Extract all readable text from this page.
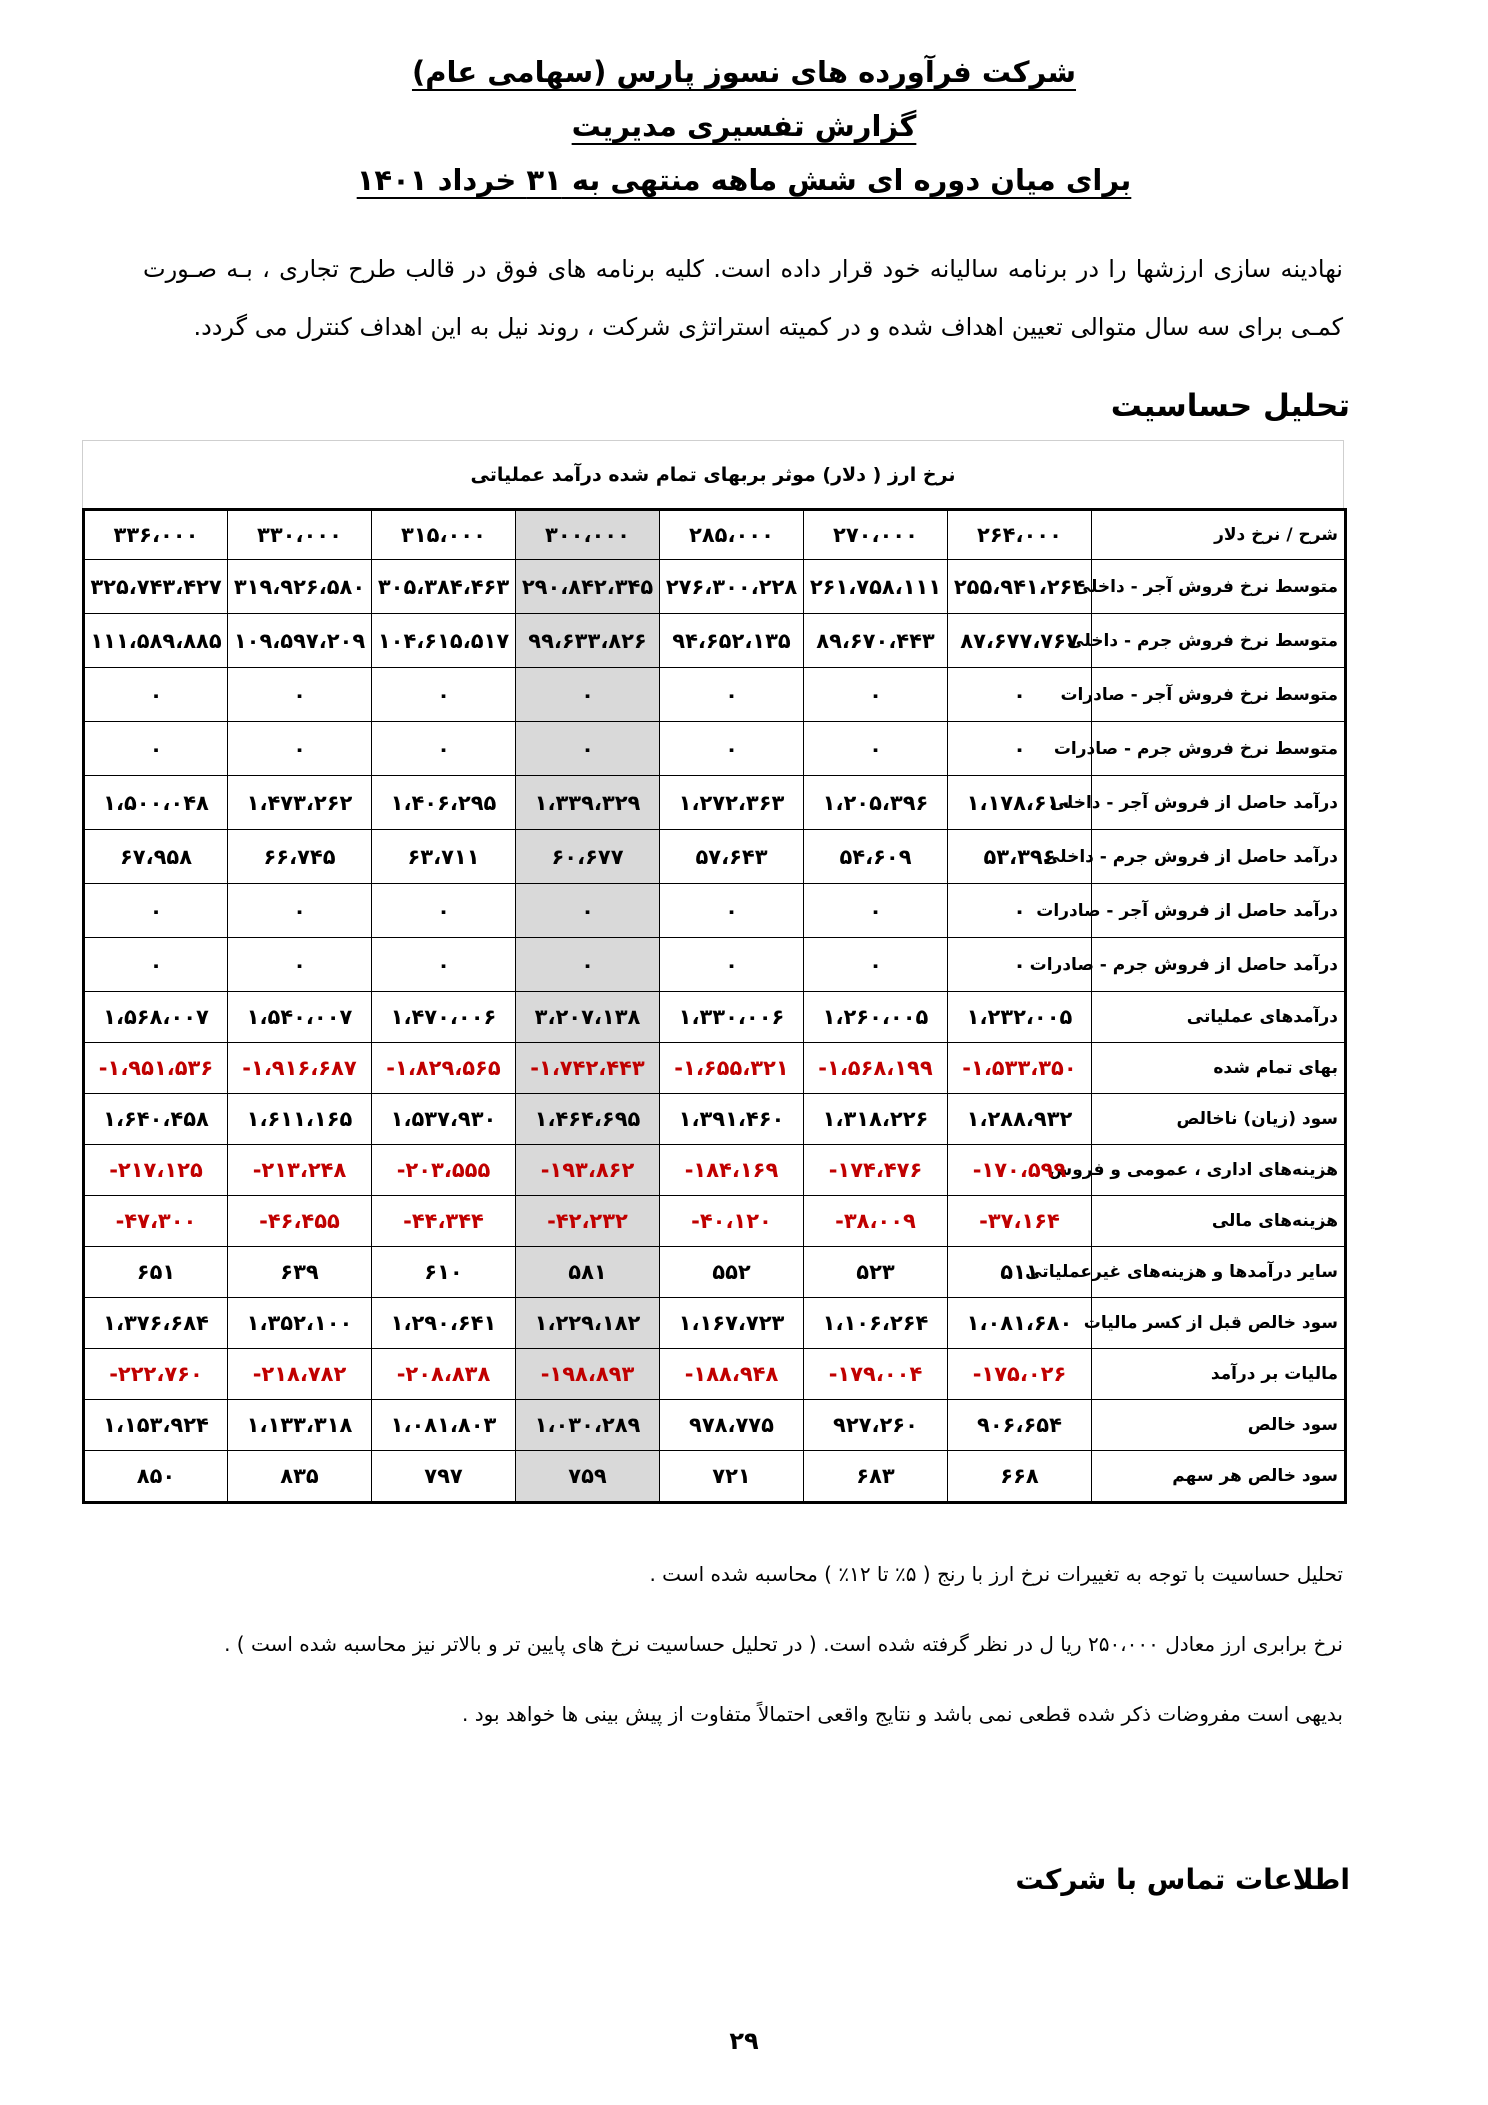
شرکت فرآورده های نسوز پارس (سهامی عام)
گزارش تفسیری مدیریت
برای میان دوره ای شش ماهه منتهی به ۳۱ خرداد ۱۴۰۱
نهادینه سازی ارزشها را در برنامه سالیانه خود قرار داده است. کلیه برنامه های فوق در قالب طرح تجاری ، بـه صـورت کمـی برای سه سال متوالی تعیین اهداف شده و در کمیته استراتژی شرکت ، روند نیل به این اهداف کنترل می گردد.
تحلیل حساسیت
نرخ ارز ( دلار) موثر بربهای تمام شده درآمد عملیاتی
شرح / نرخ دلار	۲۶۴،۰۰۰	۲۷۰،۰۰۰	۲۸۵،۰۰۰	۳۰۰،۰۰۰	۳۱۵،۰۰۰	۳۳۰،۰۰۰	۳۳۶،۰۰۰
متوسط نرخ فروش آجر - داخلی	۲۵۵،۹۴۱،۲۶۴	۲۶۱،۷۵۸،۱۱۱	۲۷۶،۳۰۰،۲۲۸	۲۹۰،۸۴۲،۳۴۵	۳۰۵،۳۸۴،۴۶۳	۳۱۹،۹۲۶،۵۸۰	۳۲۵،۷۴۳،۴۲۷
متوسط نرخ فروش جرم - داخلی	۸۷،۶۷۷،۷۶۷	۸۹،۶۷۰،۴۴۳	۹۴،۶۵۲،۱۳۵	۹۹،۶۳۳،۸۲۶	۱۰۴،۶۱۵،۵۱۷	۱۰۹،۵۹۷،۲۰۹	۱۱۱،۵۸۹،۸۸۵
متوسط نرخ فروش آجر - صادرات	۰	۰	۰	۰	۰	۰	۰
متوسط نرخ فروش جرم - صادرات	۰	۰	۰	۰	۰	۰	۰
درآمد حاصل از فروش آجر - داخلی	۱،۱۷۸،۶۱۰	۱،۲۰۵،۳۹۶	۱،۲۷۲،۳۶۳	۱،۳۳۹،۳۲۹	۱،۴۰۶،۲۹۵	۱،۴۷۳،۲۶۲	۱،۵۰۰،۰۴۸
درآمد حاصل از فروش جرم - داخلی	۵۳،۳۹۶	۵۴،۶۰۹	۵۷،۶۴۳	۶۰،۶۷۷	۶۳،۷۱۱	۶۶،۷۴۵	۶۷،۹۵۸
درآمد حاصل از فروش آجر - صادرات	۰	۰	۰	۰	۰	۰	۰
درآمد حاصل از فروش جرم - صادرات	۰	۰	۰	۰	۰	۰	۰
درآمدهای عملیاتی	۱،۲۳۲،۰۰۵	۱،۲۶۰،۰۰۵	۱،۳۳۰،۰۰۶	۳،۲۰۷،۱۳۸	۱،۴۷۰،۰۰۶	۱،۵۴۰،۰۰۷	۱،۵۶۸،۰۰۷
بهای تمام شده	۱،۵۳۳،۳۵۰-	۱،۵۶۸،۱۹۹-	۱،۶۵۵،۳۲۱-	۱،۷۴۲،۴۴۳-	۱،۸۲۹،۵۶۵-	۱،۹۱۶،۶۸۷-	۱،۹۵۱،۵۳۶-
سود (زیان) ناخالص	۱،۲۸۸،۹۳۲	۱،۳۱۸،۲۲۶	۱،۳۹۱،۴۶۰	۱،۴۶۴،۶۹۵	۱،۵۳۷،۹۳۰	۱،۶۱۱،۱۶۵	۱،۶۴۰،۴۵۸
هزینه‌های اداری ، عمومی و فروش	۱۷۰،۵۹۹-	۱۷۴،۴۷۶-	۱۸۴،۱۶۹-	۱۹۳،۸۶۲-	۲۰۳،۵۵۵-	۲۱۳،۲۴۸-	۲۱۷،۱۲۵-
هزینه‌های مالی	۳۷،۱۶۴-	۳۸،۰۰۹-	۴۰،۱۲۰-	۴۲،۲۳۲-	۴۴،۳۴۴-	۴۶،۴۵۵-	۴۷،۳۰۰-
سایر درآمدها و هزینه‌های غیرعملیاتی	۵۱۱	۵۲۳	۵۵۲	۵۸۱	۶۱۰	۶۳۹	۶۵۱
سود خالص قبل از کسر مالیات	۱،۰۸۱،۶۸۰	۱،۱۰۶،۲۶۴	۱،۱۶۷،۷۲۳	۱،۲۲۹،۱۸۲	۱،۲۹۰،۶۴۱	۱،۳۵۲،۱۰۰	۱،۳۷۶،۶۸۴
مالیات بر درآمد	۱۷۵،۰۲۶-	۱۷۹،۰۰۴-	۱۸۸،۹۴۸-	۱۹۸،۸۹۳-	۲۰۸،۸۳۸-	۲۱۸،۷۸۲-	۲۲۲،۷۶۰-
سود خالص	۹۰۶،۶۵۴	۹۲۷،۲۶۰	۹۷۸،۷۷۵	۱،۰۳۰،۲۸۹	۱،۰۸۱،۸۰۳	۱،۱۳۳،۳۱۸	۱،۱۵۳،۹۲۴
سود خالص هر سهم	۶۶۸	۶۸۳	۷۲۱	۷۵۹	۷۹۷	۸۳۵	۸۵۰
تحلیل حساسیت با توجه به تغییرات نرخ ارز با رنج ( ۵٪ تا ۱۲٪ ) محاسبه شده است .
نرخ برابری ارز معادل ۲۵۰،۰۰۰ ریا ل در نظر گرفته شده است. ( در تحلیل حساسیت نرخ های پایین تر و بالاتر نیز محاسبه شده است ) .
بدیهی است مفروضات ذکر شده قطعی نمی باشد و نتایج واقعی احتمالاً متفاوت از پیش بینی ها خواهد بود .
اطلاعات تماس با شرکت
۲۹
